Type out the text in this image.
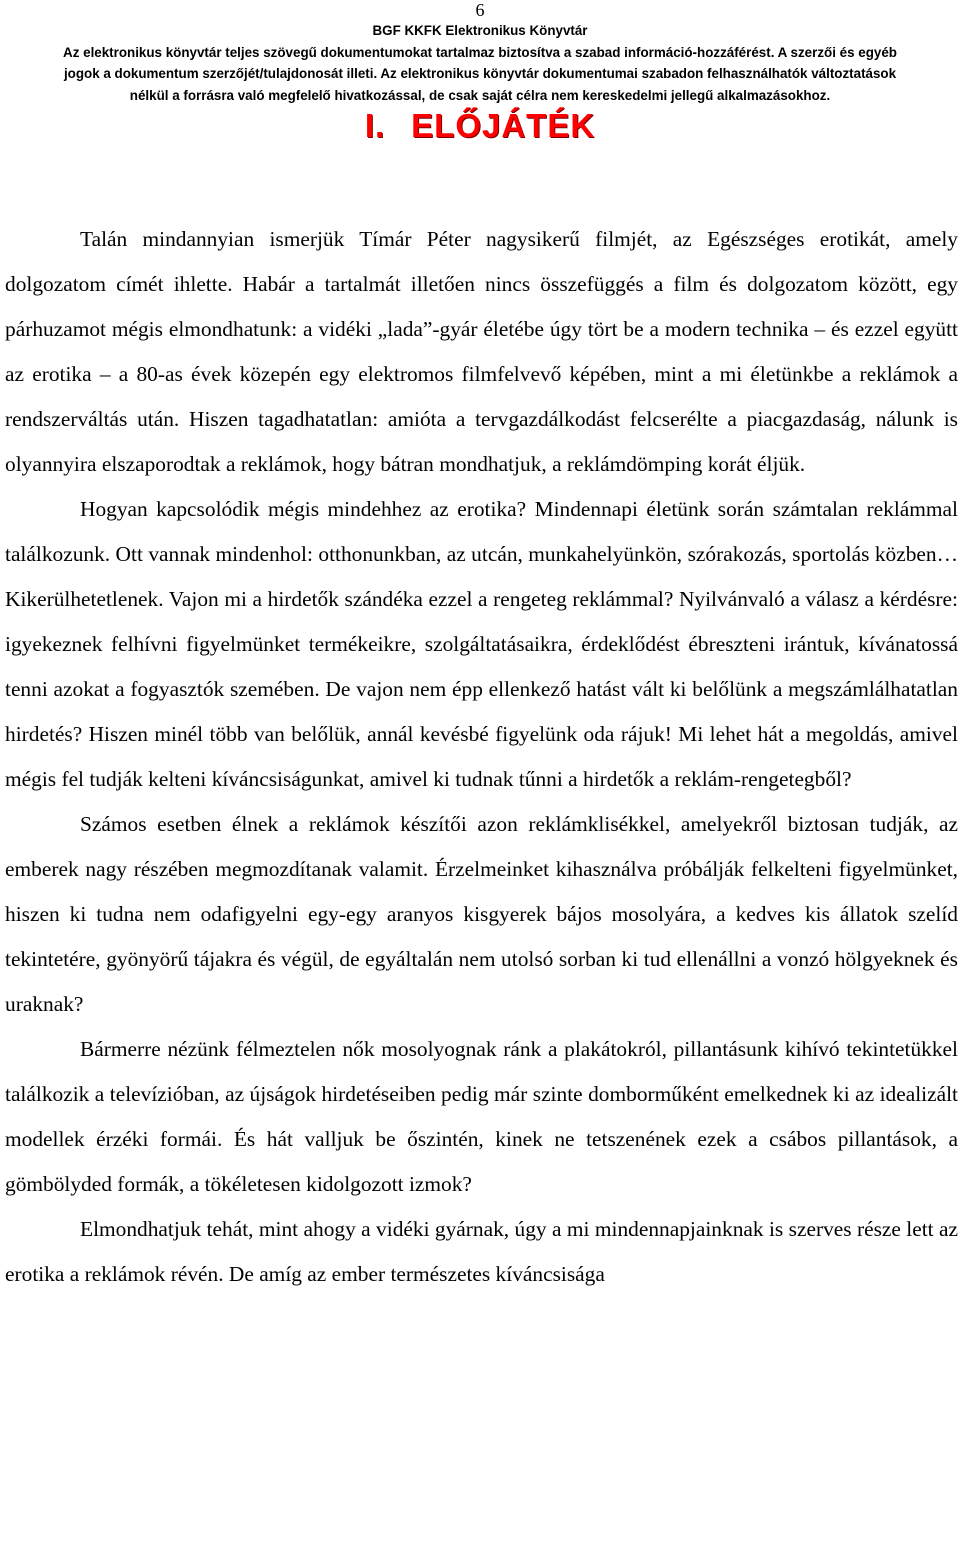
6
BGF KKFK Elektronikus Könyvtár
Az elektronikus könyvtár teljes szövegű dokumentumokat tartalmaz biztosítva a szabad információ-hozzáférést. A szerzői és egyéb
jogok a dokumentum szerzőjét/tulajdonosát illeti. Az elektronikus könyvtár dokumentumai szabadon felhasználhatók változtatások
nélkül a forrásra való megfelelő hivatkozással, de csak saját célra nem kereskedelmi jellegű alkalmazásokhoz.
I. ELŐJÁTÉK

Talán mindannyian ismerjük Tímár Péter nagysikerű filmjét, az Egészséges erotikát, amely dolgozatom címét ihlette. Habár a tartalmát illetően nincs összefüggés a film és dolgozatom között, egy párhuzamot mégis elmondhatunk: a vidéki „lada”-gyár életébe úgy tört be a modern technika – és ezzel együtt az erotika – a 80-as évek közepén egy elektromos filmfelvevő képében, mint a mi életünkbe a reklámok a rendszerváltás után. Hiszen tagadhatatlan: amióta a tervgazdálkodást felcserélte a piacgazdaság, nálunk is olyannyira elszaporodtak a reklámok, hogy bátran mondhatjuk, a reklámdömping korát éljük.

Hogyan kapcsolódik mégis mindehhez az erotika? Mindennapi életünk során számtalan reklámmal találkozunk. Ott vannak mindenhol: otthonunkban, az utcán, munkahelyünkön, szórakozás, sportolás közben… Kikerülhetetlenek. Vajon mi a hirdetők szándéka ezzel a rengeteg reklámmal? Nyilvánvaló a válasz a kérdésre: igyekeznek felhívni figyelmünket termékeikre, szolgáltatásaikra, érdeklődést ébreszteni irántuk, kívánatossá tenni azokat a fogyasztók szemében. De vajon nem épp ellenkező hatást vált ki belőlünk a megszámlálhatatlan hirdetés? Hiszen minél több van belőlük, annál kevésbé figyelünk oda rájuk! Mi lehet hát a megoldás, amivel mégis fel tudják kelteni kíváncsiságunkat, amivel ki tudnak tűnni a hirdetők a reklám-rengetegből?

Számos esetben élnek a reklámok készítői azon reklámklisékkel, amelyekről biztosan tudják, az emberek nagy részében megmozdítanak valamit. Érzelmeinket kihasználva próbálják felkelteni figyelmünket, hiszen ki tudna nem odafigyelni egy-egy aranyos kisgyerek bájos mosolyára, a kedves kis állatok szelíd tekintetére, gyönyörű tájakra és végül, de egyáltalán nem utolsó sorban ki tud ellenállni a vonzó hölgyeknek és uraknak?

Bármerre nézünk félmeztelen nők mosolyognak ránk a plakátokról, pillantásunk kihívó tekintetükkel találkozik a televízióban, az újságok hirdetéseiben pedig már szinte domborműként emelkednek ki az idealizált modellek érzéki formái. És hát valljuk be őszintén, kinek ne tetszenének ezek a csábos pillantások, a gömbölyded formák, a tökéletesen kidolgozott izmok?

Elmondhatjuk tehát, mint ahogy a vidéki gyárnak, úgy a mi mindennapjainknak is szerves része lett az erotika a reklámok révén. De amíg az ember természetes kíváncsisága
